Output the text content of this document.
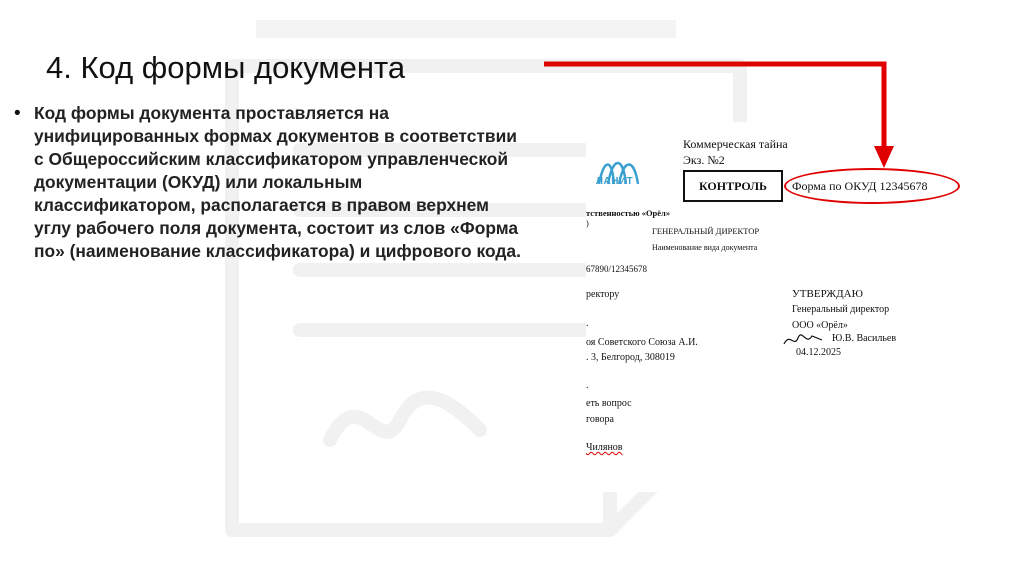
4. Код формы документа
• Код формы документа проставляется на унифицированных формах документов в соответствии с Общероссийским классификатором управленческой документации (ОКУД) или локальным классификатором, располагается в правом верхнем углу рабочего поля документа, состоит из слов «Форма по» (наименование классификатора) и цифрового кода.
ЛАНИТ
Коммерческая тайна
Экз. №2
КОНТРОЛЬ	Форма по ОКУД 12345678
тственностью «Орёл»
)
ГЕНЕРАЛЬНЫЙ ДИРЕКТОР
Наименование вида документа
67890/12345678
ректору
.
оя Советского Союза А.И.
. 3, Белгород, 308019
УТВЕРЖДАЮ
Генеральный директор
ООО «Орёл»
Ю.В. Васильев
04.12.2025
.
еть вопрос
говора
Чилянов
